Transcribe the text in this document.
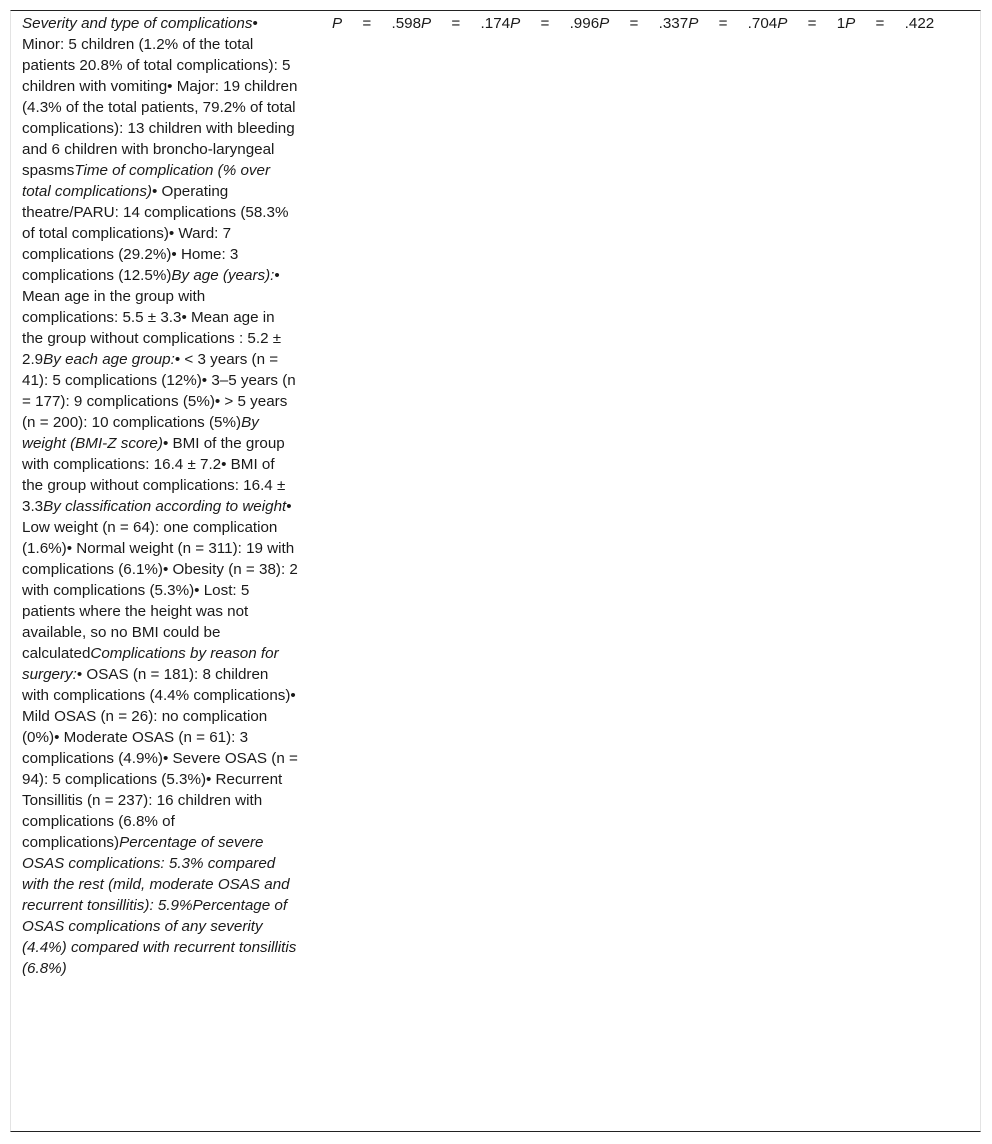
Severity and type of complications• Minor: 5 children (1.2% of the total patients 20.8% of total complications): 5 children with vomiting• Major: 19 children (4.3% of the total patients, 79.2% of total complications): 13 children with bleeding and 6 children with broncho-laryngeal spasmsTime of complication (% over total complications)• Operating theatre/PARU: 14 complications (58.3% of total complications)• Ward: 7 complications (29.2%)• Home: 3 complications (12.5%)By age (years):• Mean age in the group with complications: 5.5 ± 3.3• Mean age in the group without complications : 5.2 ± 2.9By each age group:• < 3 years (n = 41): 5 complications (12%)• 3–5 years (n = 177): 9 complications (5%)• > 5 years (n = 200): 10 complications (5%)By weight (BMI-Z score)• BMI of the group with complications: 16.4 ± 7.2• BMI of the group without complications: 16.4 ± 3.3By classification according to weight• Low weight (n = 64): one complication (1.6%)• Normal weight (n = 311): 19 with complications (6.1%)• Obesity (n = 38): 2 with complications (5.3%)• Lost: 5 patients where the height was not available, so no BMI could be calculatedComplications by reason for surgery:• OSAS (n = 181): 8 children with complications (4.4% complications)• Mild OSAS (n = 26): no complication (0%)• Moderate OSAS (n = 61): 3 complications (4.9%)• Severe OSAS (n = 94): 5 complications (5.3%)• Recurrent Tonsillitis (n = 237): 16 children with complications (6.8% of complications)Percentage of severe OSAS complications: 5.3% compared with the rest (mild, moderate OSAS and recurrent tonsillitis): 5.9%Percentage of OSAS complications of any severity (4.4%) compared with recurrent tonsillitis (6.8%)
P = .598P = .174P = .996P = .337P = .704P = 1P = .422
